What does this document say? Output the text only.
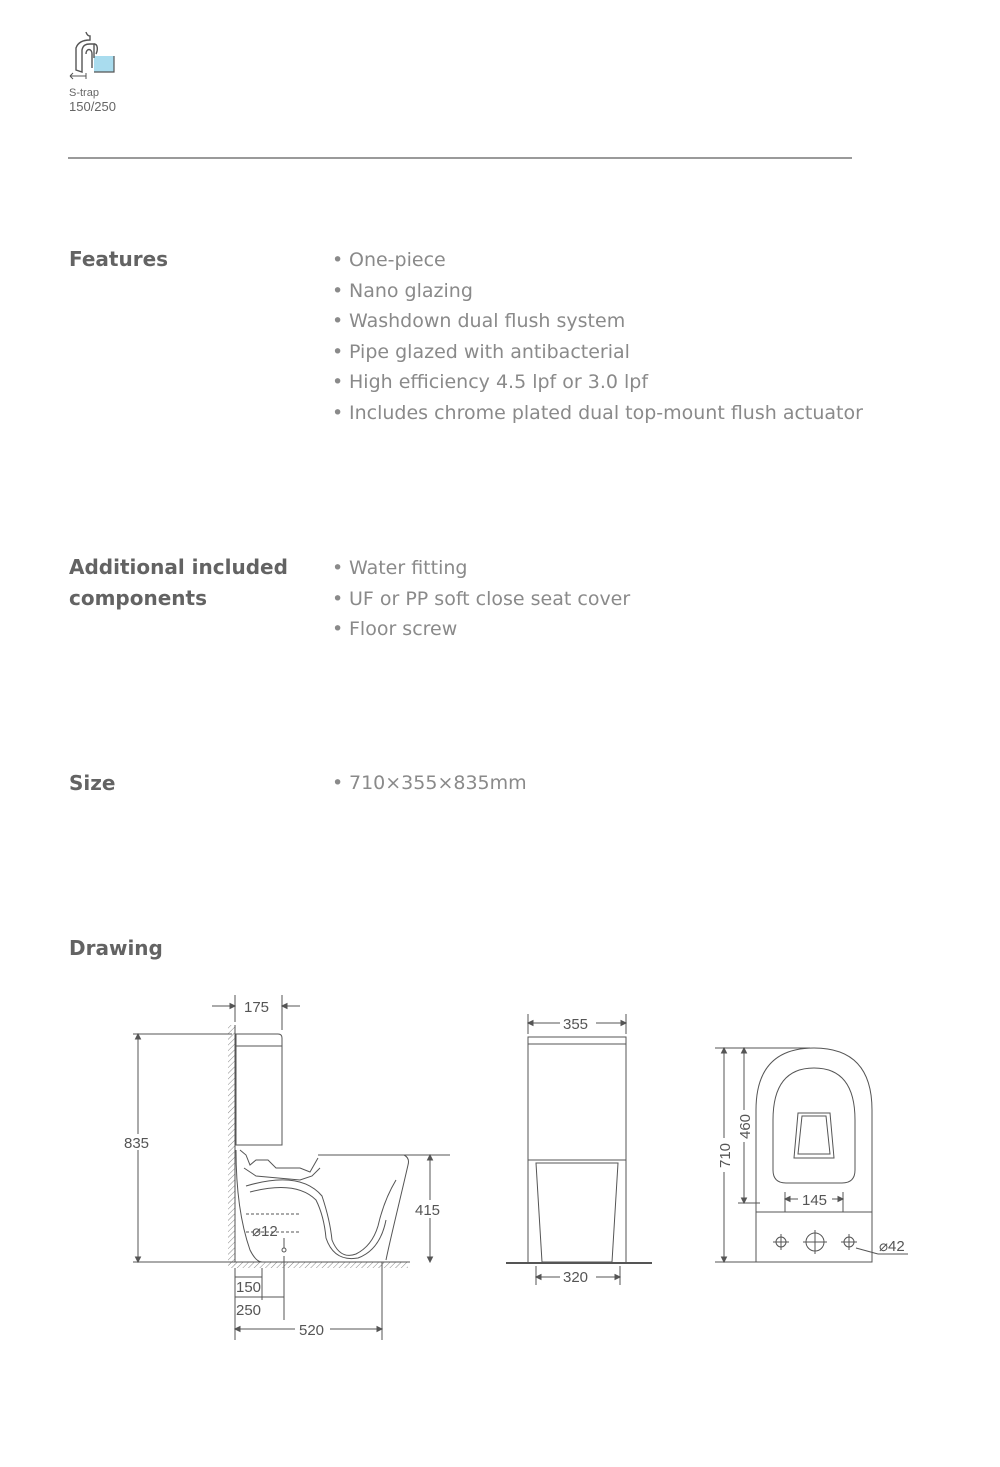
S-trap
150/250
Features	• One-piece
• Nano glazing
• Washdown dual flush system
• Pipe glazed with antibacterial
• High efficiency 4.5 lpf or 3.0 lpf
• Includes chrome plated dual top-mount flush actuator
Additional included
components
• Water fitting
• UF or PP soft close seat cover
• Floor screw
Size	• 710×355×835mm
Drawing
175
835
415
⌀12
150
250
520
355
320
710
460
145
⌀42
